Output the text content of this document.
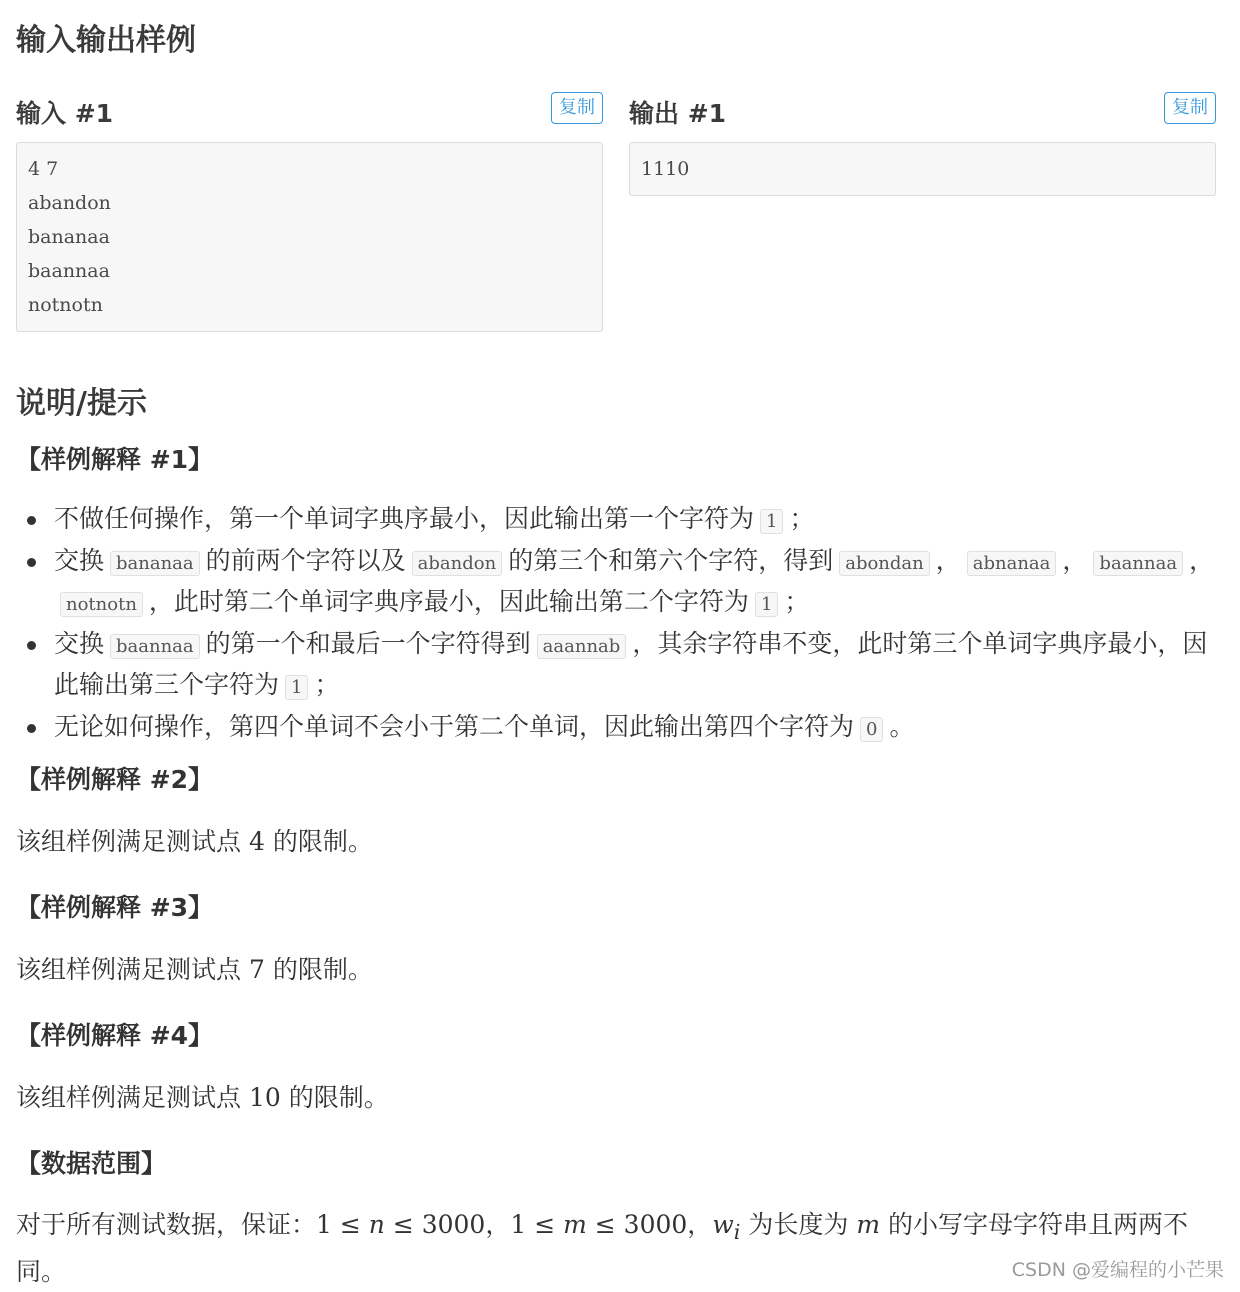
输入输出样例
输入 #1	复制
4 7
abandon
bananaa
baannaa
notnotn
输出 #1	复制
1110
说明/提示
【样例解释 #1】
不做任何操作，第一个单词字典序最小，因此输出第一个字符为 1 ；
交换 bananaa 的前两个字符以及 abandon 的第三个和第六个字符，得到 abondan ， abnanaa ， baannaa ，notnotn ，此时第二个单词字典序最小，因此输出第二个字符为 1 ；
交换 baannaa 的第一个和最后一个字符得到 aaannab ，其余字符串不变，此时第三个单词字典序最小，因此输出第三个字符为 1 ；
无论如何操作，第四个单词不会小于第二个单词，因此输出第四个字符为 0 。
【样例解释 #2】
该组样例满足测试点 4 的限制。
【样例解释 #3】
该组样例满足测试点 7 的限制。
【样例解释 #4】
该组样例满足测试点 10 的限制。
【数据范围】
对于所有测试数据，保证：1 ≤ n ≤ 3000，1 ≤ m ≤ 3000，$w_i$ 为长度为 m 的小写字母字符串且两两不同。	CSDN @爱编程的小芒果
